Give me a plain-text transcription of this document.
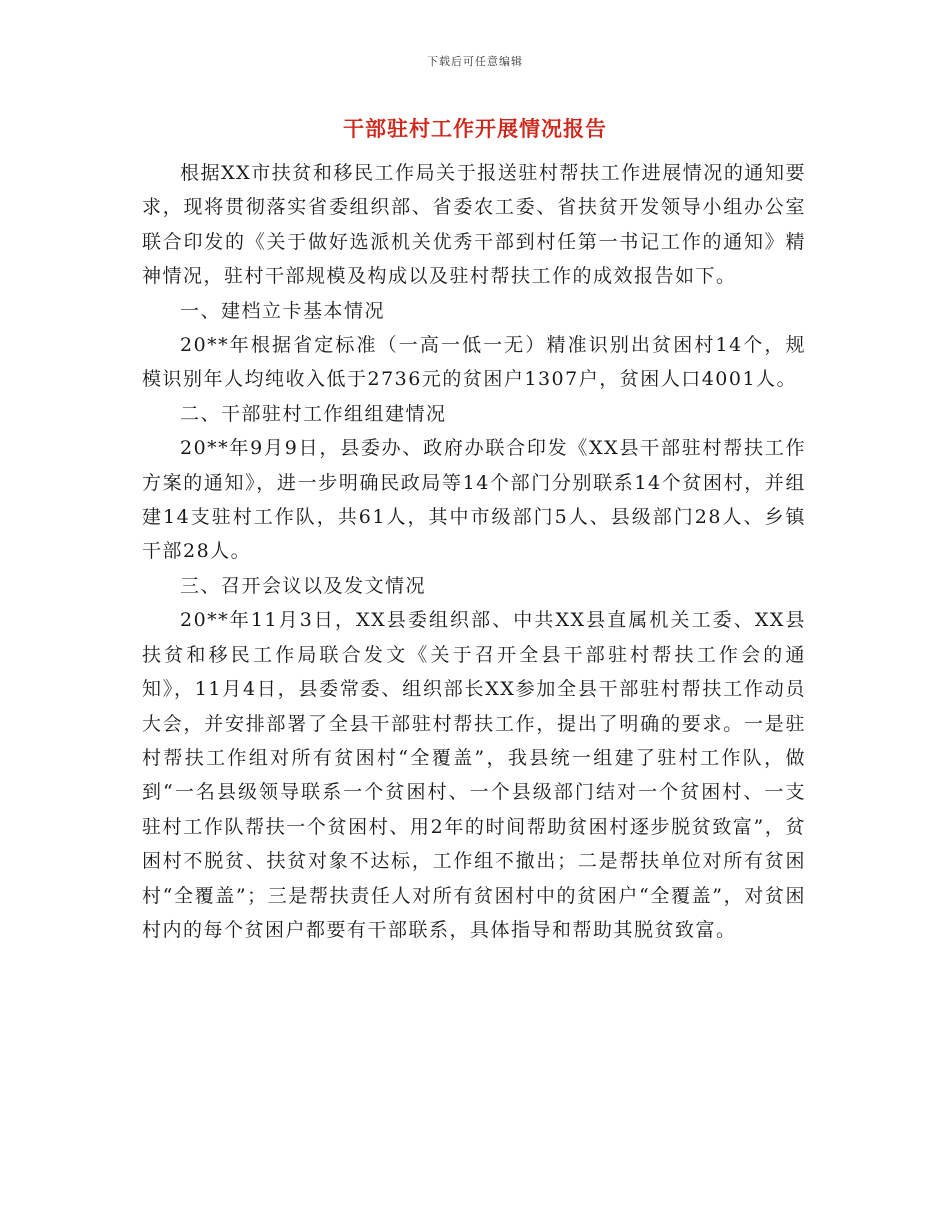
下载后可任意编辑
干部驻村工作开展情况报告

根据XX市扶贫和移民工作局关于报送驻村帮扶工作进展情况的通知要求，现将贯彻落实省委组织部、省委农工委、省扶贫开发领导小组办公室联合印发的《关于做好选派机关优秀干部到村任第一书记工作的通知》精神情况，驻村干部规模及构成以及驻村帮扶工作的成效报告如下。

一、建档立卡基本情况

20**年根据省定标准（一高一低一无）精准识别出贫困村14个，规模识别年人均纯收入低于2736元的贫困户1307户，贫困人口4001人。

二、干部驻村工作组组建情况

20**年9月9日，县委办、政府办联合印发《XX县干部驻村帮扶工作方案的通知》，进一步明确民政局等14个部门分别联系14个贫困村，并组建14支驻村工作队，共61人，其中市级部门5人、县级部门28人、乡镇干部28人。

三、召开会议以及发文情况

20**年11月3日，XX县委组织部、中共XX县直属机关工委、XX县扶贫和移民工作局联合发文《关于召开全县干部驻村帮扶工作会的通知》，11月4日，县委常委、组织部长XX参加全县干部驻村帮扶工作动员大会，并安排部署了全县干部驻村帮扶工作，提出了明确的要求。一是驻村帮扶工作组对所有贫困村“全覆盖”，我县统一组建了驻村工作队，做到“一名县级领导联系一个贫困村、一个县级部门结对一个贫困村、一支驻村工作队帮扶一个贫困村、用2年的时间帮助贫困村逐步脱贫致富”，贫困村不脱贫、扶贫对象不达标，工作组不撤出；二是帮扶单位对所有贫困村“全覆盖”；三是帮扶责任人对所有贫困村中的贫困户“全覆盖”，对贫困村内的每个贫困户都要有干部联系，具体指导和帮助其脱贫致富。
